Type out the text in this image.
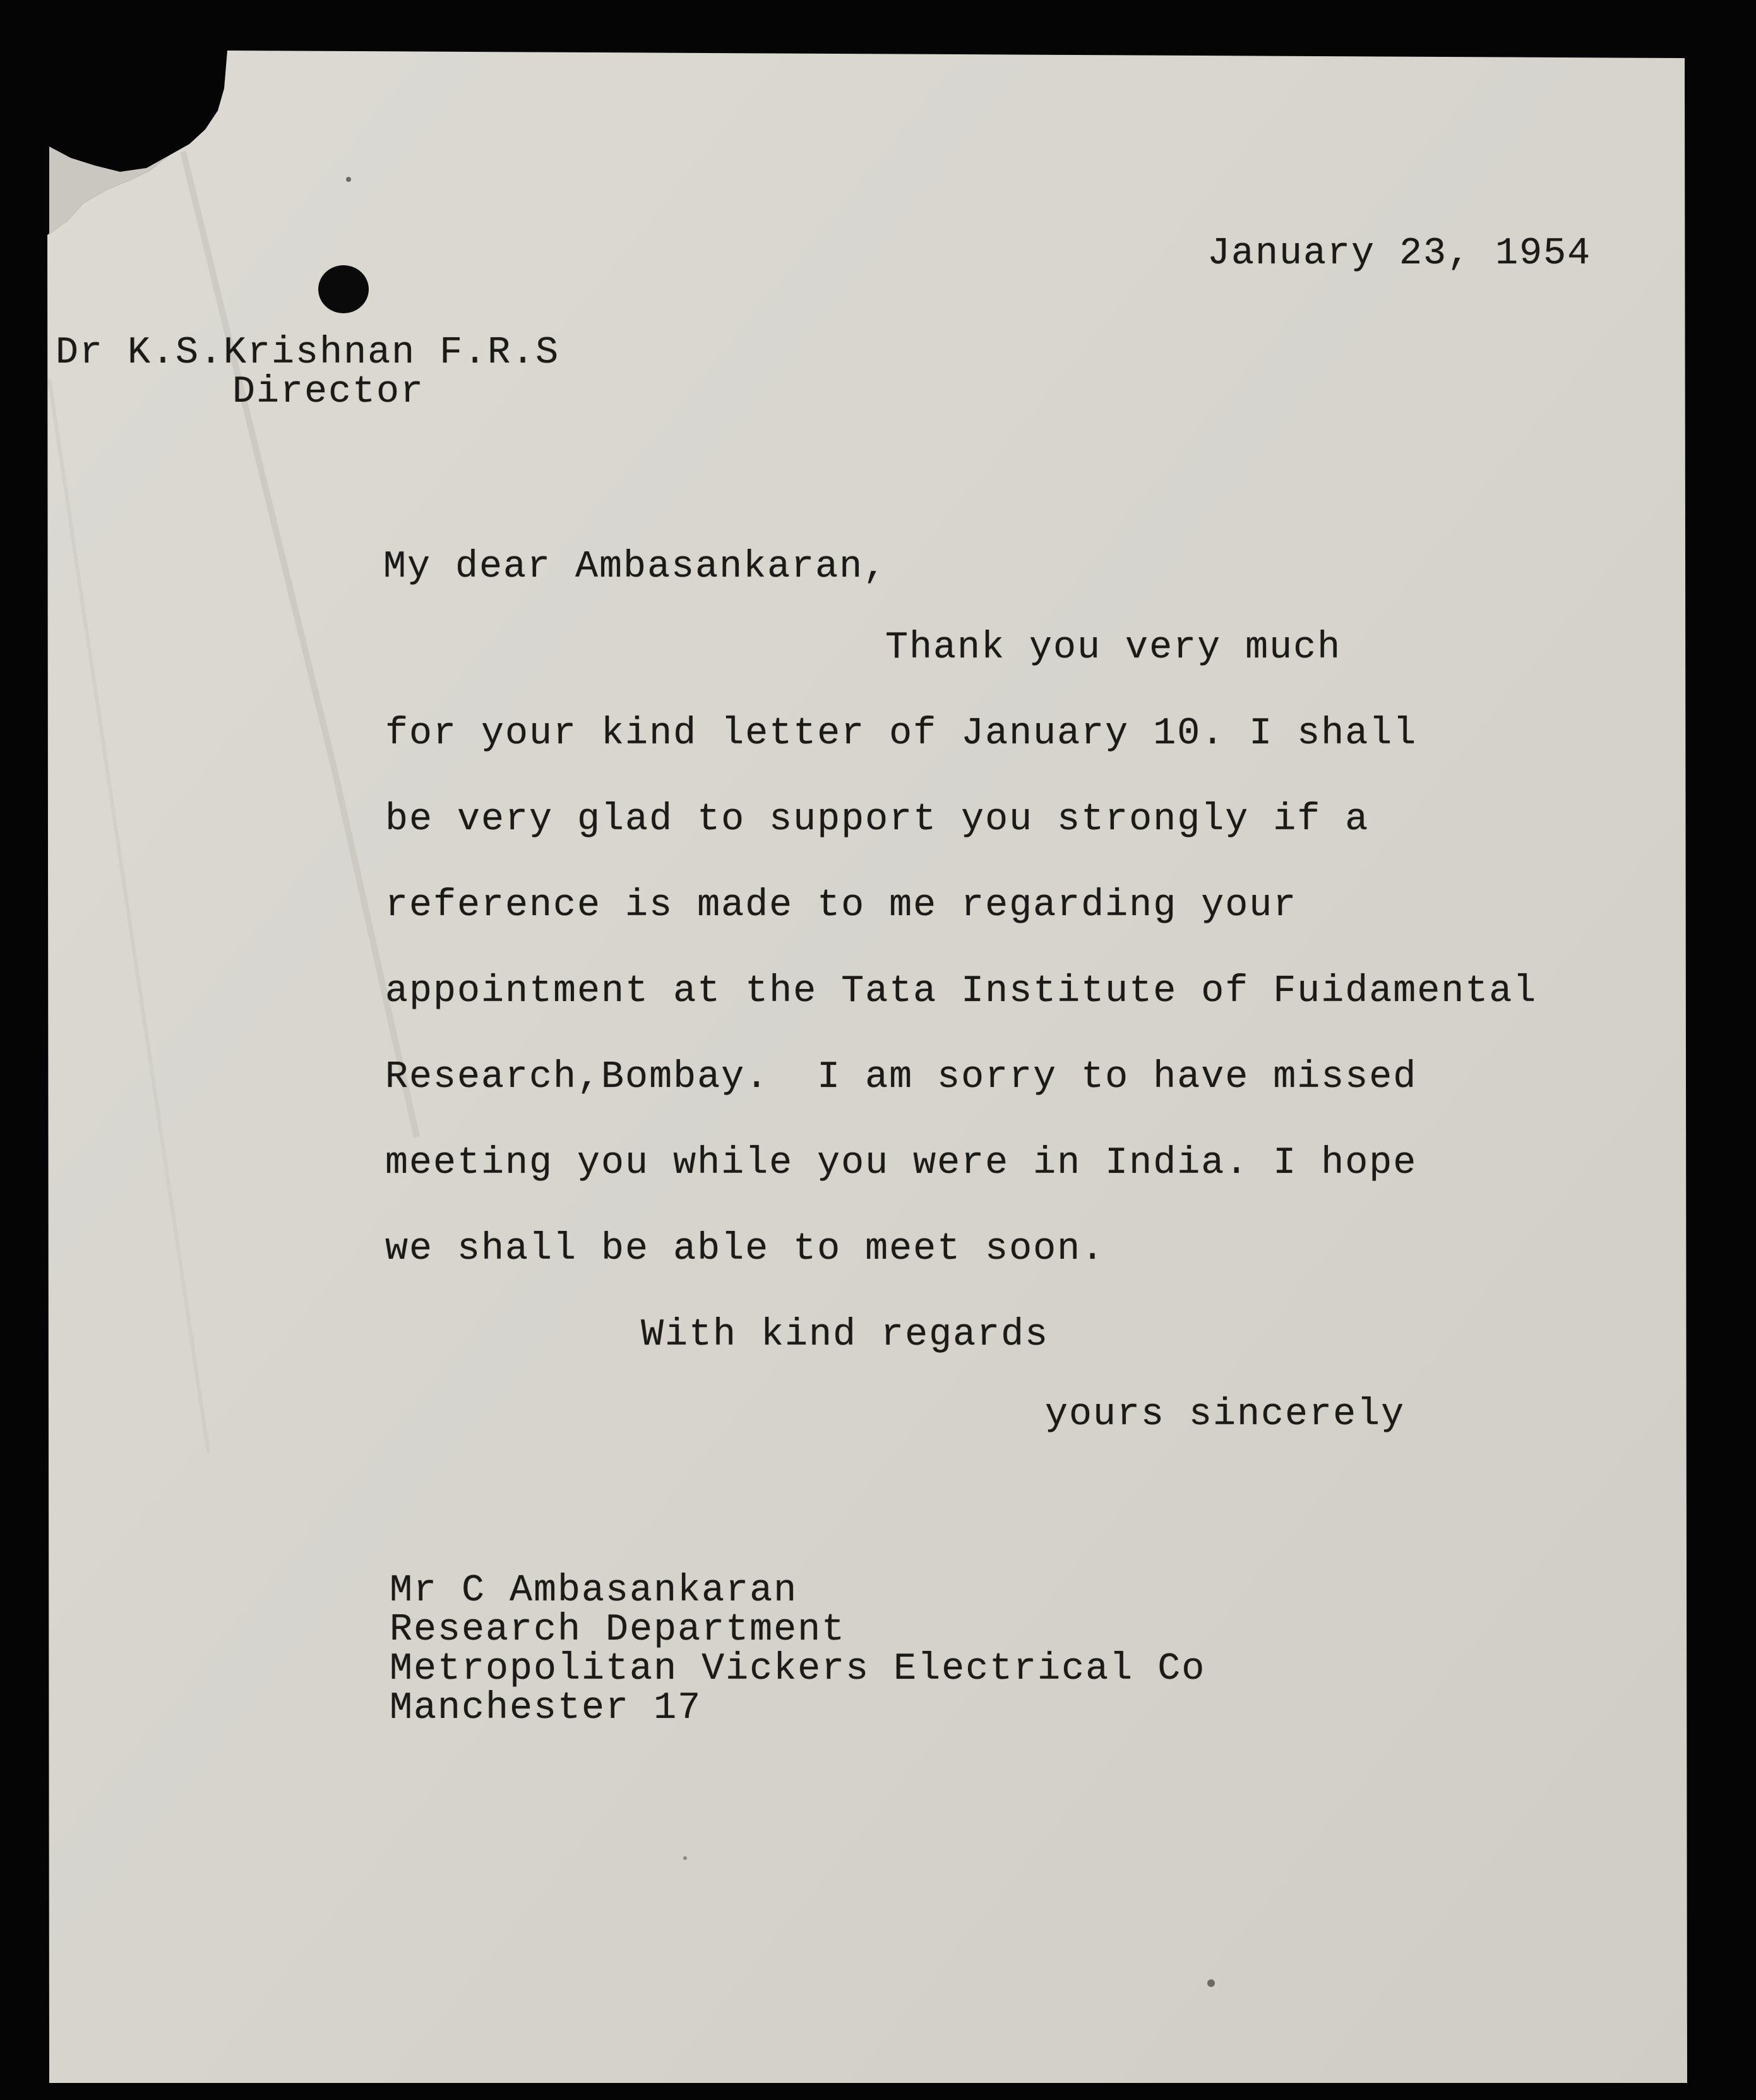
January 23, 1954

Dr K.S.Krishnan F.R.S
Director

My dear Ambasankaran,

Thank you very much

for your kind letter of January 10. I shall

be very glad to support you strongly if a

reference is made to me regarding your

appointment at the Tata Institute of Fuidamental

Research,Bombay.  I am sorry to have missed

meeting you while you were in India. I hope

we shall be able to meet soon.

With kind regards

yours sincerely

Mr C Ambasankaran
Research Department
Metropolitan Vickers Electrical Co
Manchester 17
